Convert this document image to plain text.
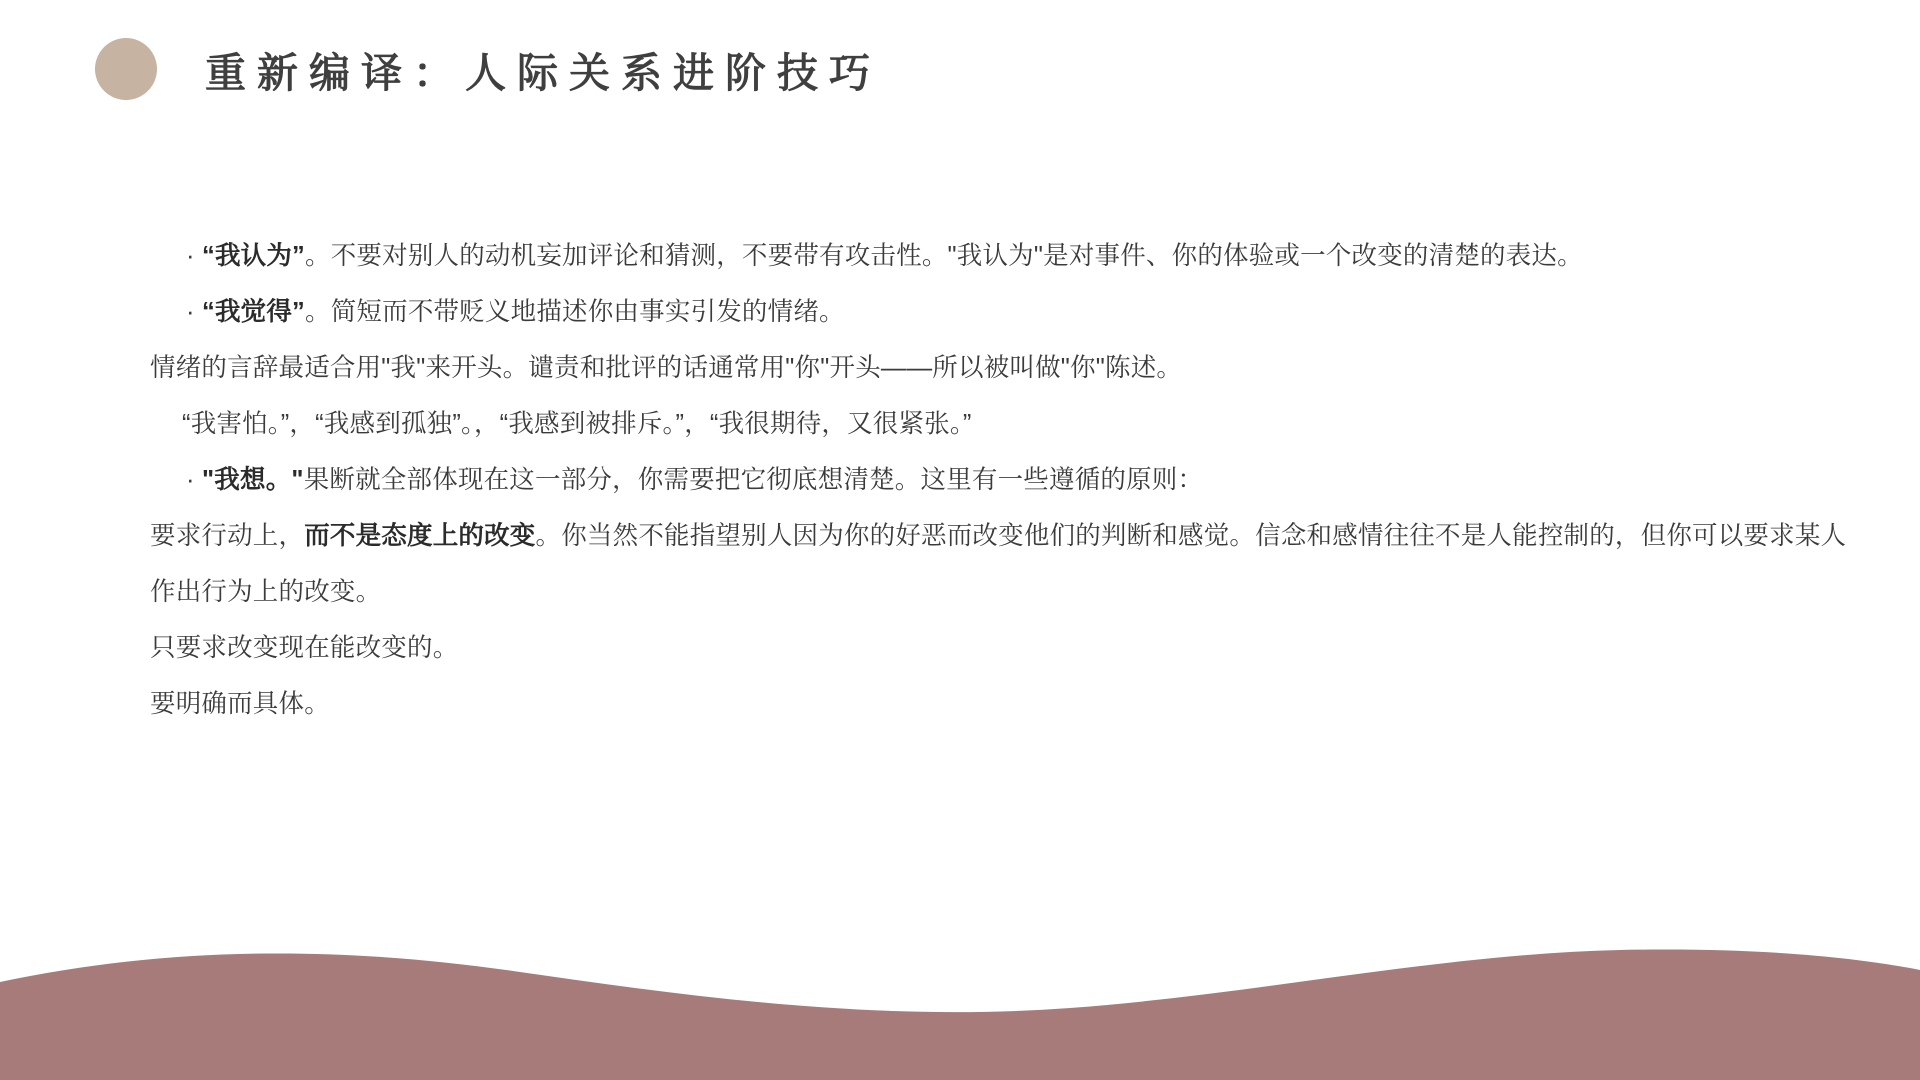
重新编译：人际关系进阶技巧
· “我认为”。不要对别人的动机妄加评论和猜测，不要带有攻击性。"我认为"是对事件、你的体验或一个改变的清楚的表达。
· “我觉得”。简短而不带贬义地描述你由事实引发的情绪。
情绪的言辞最适合用"我"来开头。谴责和批评的话通常用"你"开头——所以被叫做"你"陈述。
“我害怕。”，“我感到孤独”。，“我感到被排斥。”，“我很期待，又很紧张。”
· "我想。"果断就全部体现在这一部分，你需要把它彻底想清楚。这里有一些遵循的原则：
要求行动上，而不是态度上的改变。你当然不能指望别人因为你的好恶而改变他们的判断和感觉。信念和感情往往不是人能控制的，但你可以要求某人作出行为上的改变。
只要求改变现在能改变的。
要明确而具体。
